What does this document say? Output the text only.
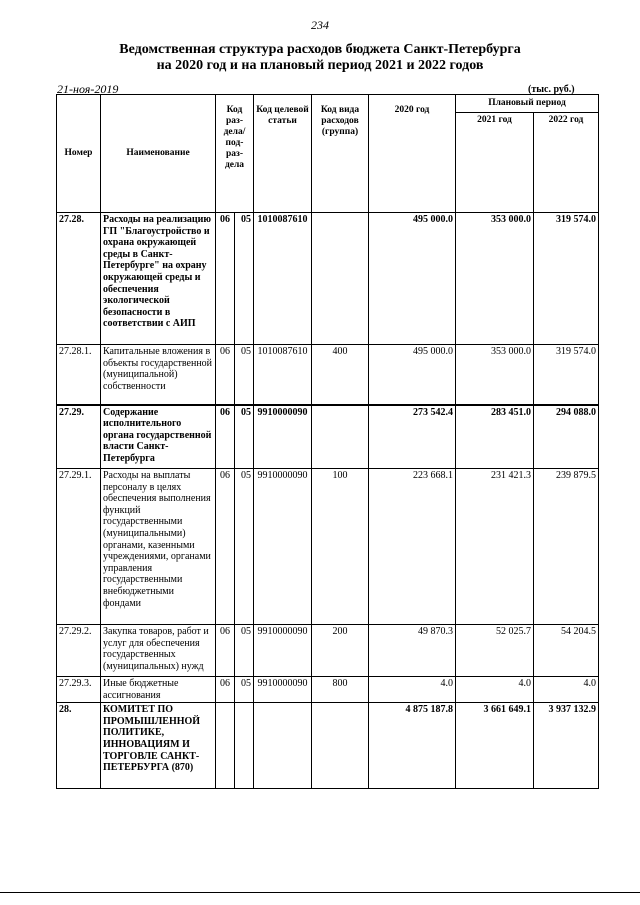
234
Ведомственная структура расходов бюджета Санкт-Петербурга
на 2020 год и на плановый период 2021 и 2022 годов
21-ноя-2019	(тыс. руб.)
Номер	Наименование	Код раз- дела/ под- раз- дела		Код целевой статьи	Код вида расходов (группа)	2020 год	Плановый период	
							2021 год	2022 год
27.28.	Расходы на реализацию ГП "Благоустройство и охрана окружающей среды в Санкт-Петербурге" на охрану окружающей среды и обеспечения экологической безопасности в соответствии с АИП	06	05	1010087610		495 000.0	353 000.0	319 574.0
27.28.1.	Капитальные вложения в объекты государственной (муниципальной) собственности	06	05	1010087610	400	495 000.0	353 000.0	319 574.0
27.29.	Содержание исполнительного органа государственной власти Санкт-Петербурга	06	05	9910000090		273 542.4	283 451.0	294 088.0
27.29.1.	Расходы на выплаты персоналу в целях обеспечения выполнения функций государственными (муниципальными) органами, казенными учреждениями, органами управления государственными внебюджетными фондами	06	05	9910000090	100	223 668.1	231 421.3	239 879.5
27.29.2.	Закупка товаров, работ и услуг для обеспечения государственных (муниципальных) нужд	06	05	9910000090	200	49 870.3	52 025.7	54 204.5
27.29.3.	Иные бюджетные ассигнования	06	05	9910000090	800	4.0	4.0	4.0
28.	КОМИТЕТ ПО ПРОМЫШЛЕННОЙ ПОЛИТИКЕ, ИННОВАЦИЯМ И ТОРГОВЛЕ САНКТ-ПЕТЕРБУРГА (870)					4 875 187.8	3 661 649.1	3 937 132.9
